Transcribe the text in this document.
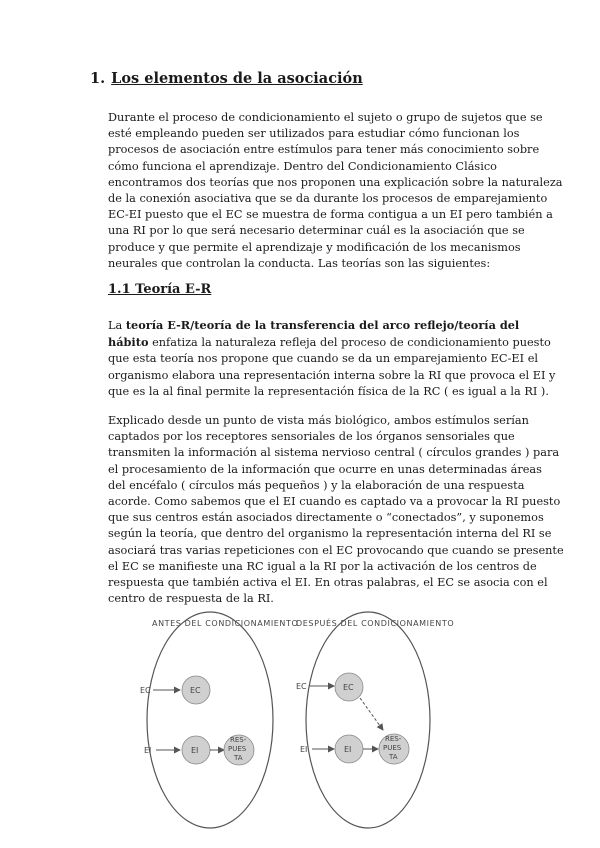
1. Los elementos de la asociación
Durante el proceso de condicionamiento el sujeto o grupo de sujetos que se
esté empleando pueden ser utilizados para estudiar cómo funcionan los
procesos de asociación entre estímulos para tener más conocimiento sobre
cómo funciona el aprendizaje. Dentro del Condicionamiento Clásico
encontramos dos teorías que nos proponen una explicación sobre la naturaleza
de la conexión asociativa que se da durante los procesos de emparejamiento
EC-EI puesto que el EC se muestra de forma contigua a un EI pero también a
una RI por lo que será necesario determinar cuál es la asociación que se
produce y que permite el aprendizaje y modificación de los mecanismos
neurales que controlan la conducta. Las teorías son las siguientes:
1.1 Teoría E-R
La teoría E-R/teoría de la transferencia del arco reflejo/teoría del
hábito enfatiza la naturaleza refleja del proceso de condicionamiento puesto
que esta teoría nos propone que cuando se da un emparejamiento EC-EI el
organismo elabora una representación interna sobre la RI que provoca el EI y
que es la al final permite la representación física de la RC ( es igual a la RI ).
Explicado desde un punto de vista más biológico, ambos estímulos serían
captados por los receptores sensoriales de los órganos sensoriales que
transmiten la información al sistema nervioso central ( círculos grandes ) para
el procesamiento de la información que ocurre en unas determinadas áreas
del encéfalo ( círculos más pequeños ) y la elaboración de una respuesta
acorde. Como sabemos que el EI cuando es captado va a provocar la RI puesto
que sus centros están asociados directamente o “conectados”, y suponemos
según la teoría, que dentro del organismo la representación interna del RI se
asociará tras varias repeticiones con el EC provocando que cuando se presente
el EC se manifieste una RC igual a la RI por la activación de los centros de
respuesta que también activa el EI. En otras palabras, el EC se asocia con el
centro de respuesta de la RI.
ANTES DEL CONDICIONAMIENTO
DESPUÉS DEL CONDICIONAMIENTO
EC	EC
EI	EI
RES-
PUES
TA
EC	EC
EI	EI
RES-
PUES
TA
